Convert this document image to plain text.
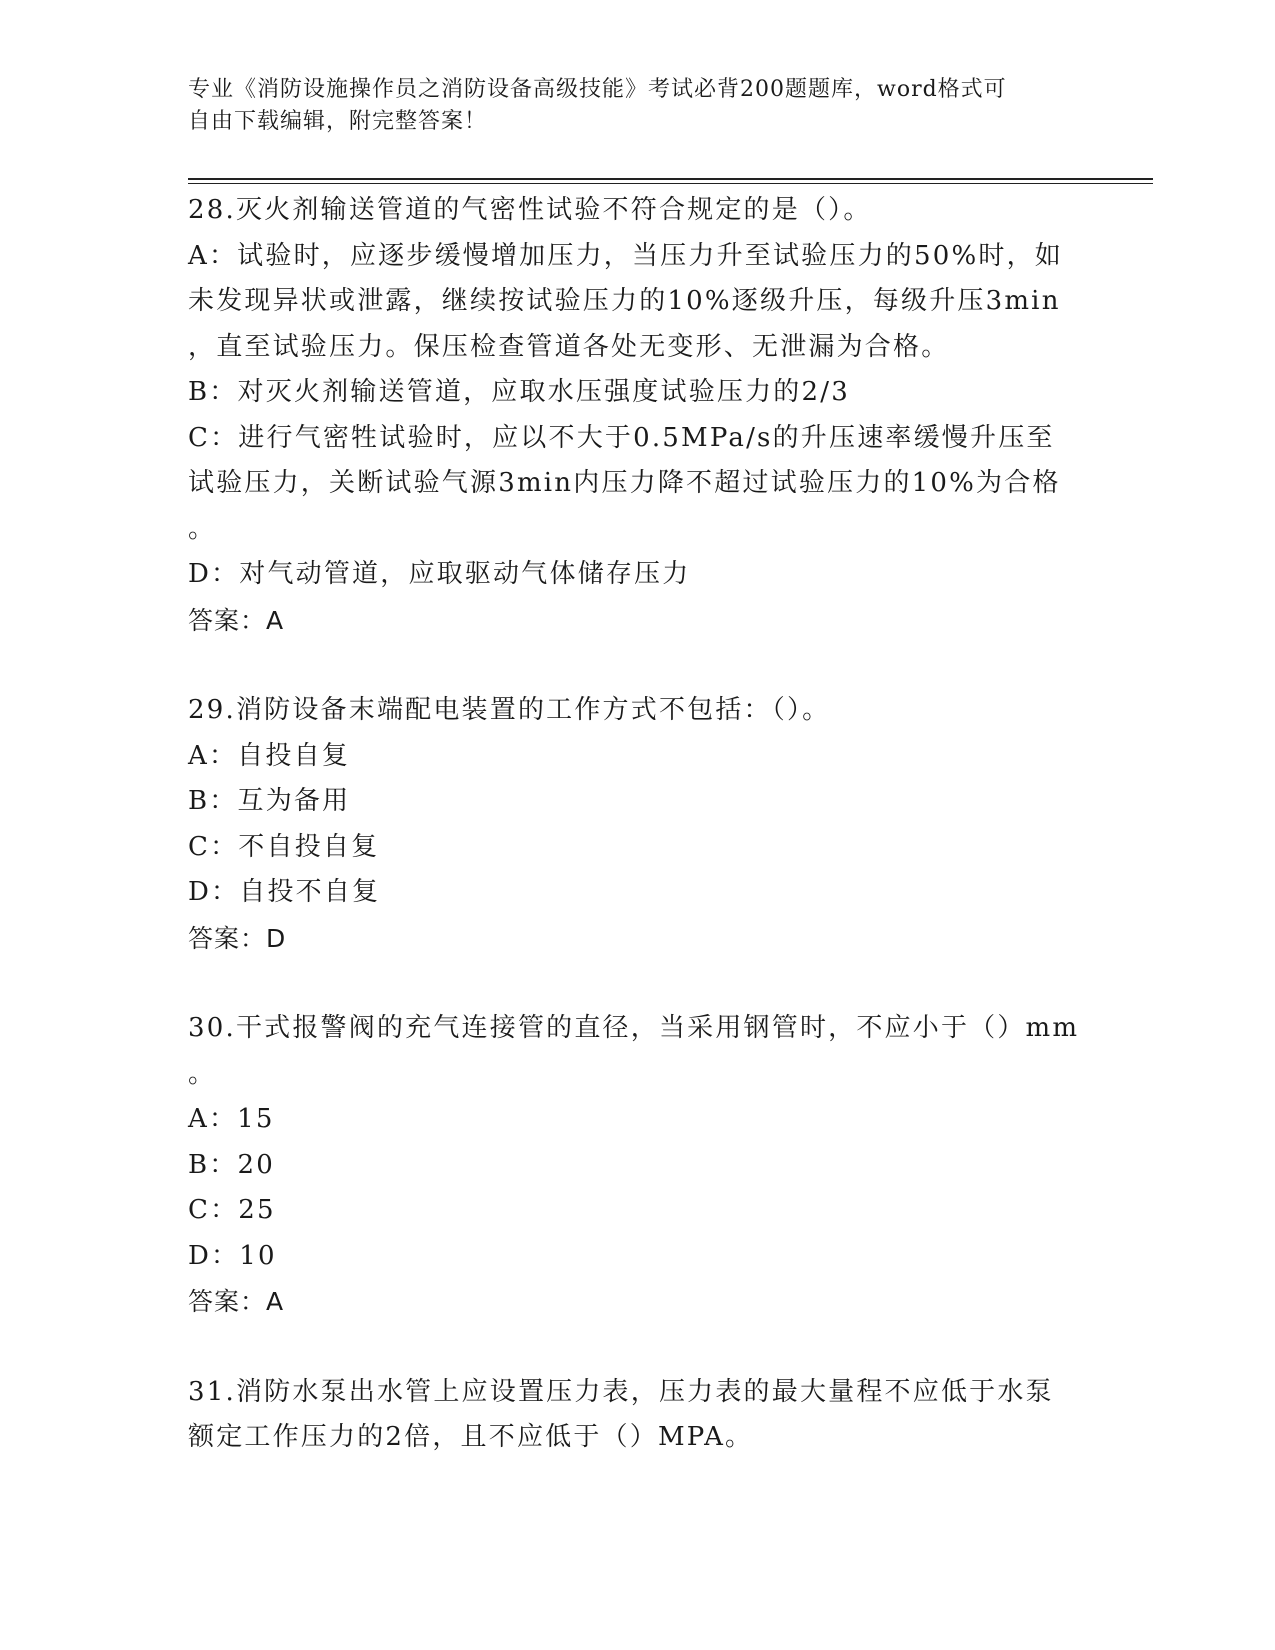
专业《消防设施操作员之消防设备高级技能》考试必背200题题库，word格式可
自由下载编辑，附完整答案！
28.灭火剂输送管道的气密性试验不符合规定的是（）。
A：试验时，应逐步缓慢增加压力，当压力升至试验压力的50%时，如
未发现异状或泄露，继续按试验压力的10%逐级升压，每级升压3min
，直至试验压力。保压检查管道各处无变形、无泄漏为合格。
B：对灭火剂输送管道，应取水压强度试验压力的2/3
C：进行气密牲试验时，应以不大于0.5MPa/s的升压速率缓慢升压至
试验压力，关断试验气源3min内压力降不超过试验压力的10%为合格
。
D：对气动管道，应取驱动气体储存压力
答案：A
29.消防设备末端配电装置的工作方式不包括：（）。
A：自投自复
B：互为备用
C：不自投自复
D：自投不自复
答案：D
30.干式报警阀的充气连接管的直径，当采用钢管时，不应小于（）mm
。
A：15
B：20
C：25
D：10
答案：A
31.消防水泵出水管上应设置压力表，压力表的最大量程不应低于水泵
额定工作压力的2倍，且不应低于（）MPA。
